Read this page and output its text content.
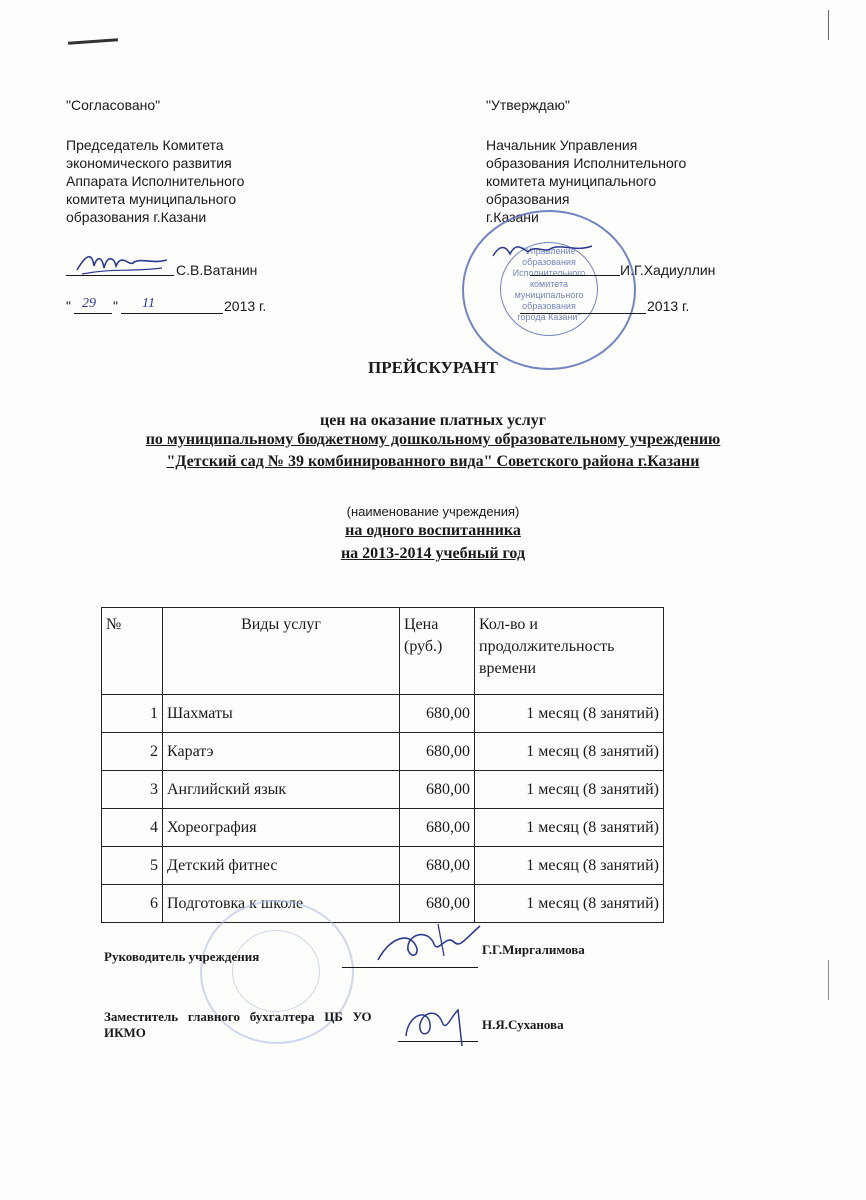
"Согласовано"
Председатель Комитета
экономического развития
Аппарата Исполнительного
комитета муниципального
образования г.Казани
С.В.Ватанин
" 29 " 11	2013 г.
"Утверждаю"
Начальник Управления
образования Исполнительного
комитета муниципального
образования
г.Казани
"Управление
образования
Исполнительного
комитета
муниципального
образования
города Казани"
И.Г.Хадиуллин
2013 г.
ПРЕЙСКУРАНТ
цен на оказание платных услуг
по муниципальному бюджетному дошкольному образовательному учреждению
"Детский сад № 39 комбинированного вида" Советского района г.Казани
(наименование учреждения)
на одного воспитанника
на 2013-2014 учебный год
№	Виды услуг	Цена (руб.)	Кол-во и продолжительность времени
1	Шахматы	680,00	1 месяц (8 занятий)
2	Каратэ	680,00	1 месяц (8 занятий)
3	Английский язык	680,00	1 месяц (8 занятий)
4	Хореография	680,00	1 месяц (8 занятий)
5	Детский фитнес	680,00	1 месяц (8 занятий)
6	Подготовка к школе	680,00	1 месяц (8 занятий)
Руководитель учреждения	Г.Г.Миргалимова
Заместитель   главного   бухгалтера   ЦБ   УО
ИКМО
Н.Я.Суханова
